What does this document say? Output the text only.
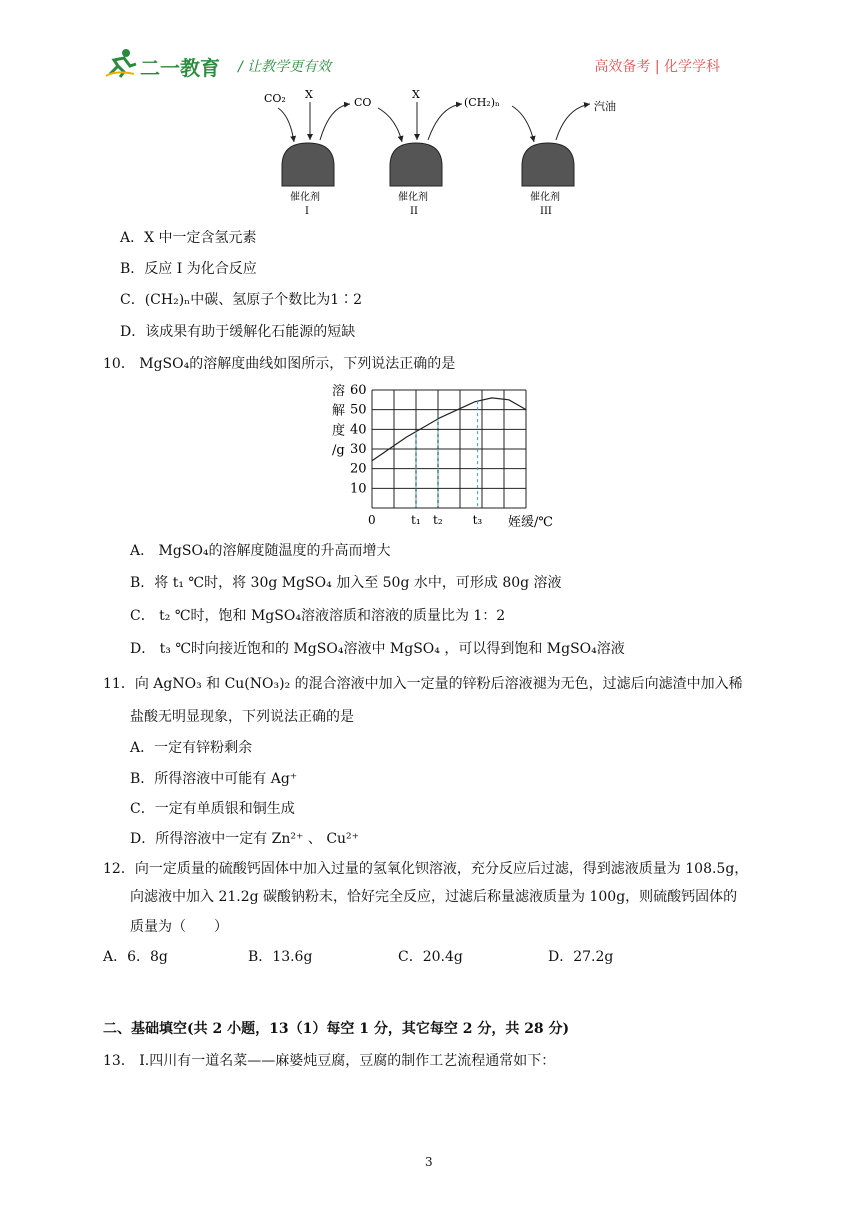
二一教育 / 让教学更有效	高效备考 | 化学学科
CO₂ X
CO
X
(CH₂)ₙ	汽油
催化剂
I
催化剂
II
催化剂
III
A．X 中一定含氢元素
B．反应 I 为化合反应
C．(CH₂)ₙ中碳、氢原子个数比为1∶2
D．该成果有助于缓解化石能源的短缺
10． MgSO₄的溶解度曲线如图所示，下列说法正确的是
10
20
30
40
50
60
溶
解
度
/g
0	t₁ t₂ t₃ 姪缓/℃
A． MgSO₄的溶解度随温度的升高而增大
B．将 t₁ ℃时，将 30g MgSO₄ 加入至 50g 水中，可形成 80g 溶液
C． t₂ ℃时，饱和 MgSO₄溶液溶质和溶液的质量比为 1：2
D． t₃ ℃时向接近饱和的 MgSO₄溶液中 MgSO₄ ，可以得到饱和 MgSO₄溶液
11．向 AgNO₃ 和 Cu(NO₃)₂ 的混合溶液中加入一定量的锌粉后溶液褪为无色，过滤后向滤渣中加入稀
盐酸无明显现象，下列说法正确的是
A．一定有锌粉剩余
B．所得溶液中可能有 Ag⁺
C．一定有单质银和铜生成
D．所得溶液中一定有 Zn²⁺ 、 Cu²⁺
12．向一定质量的硫酸钙固体中加入过量的氢氧化钡溶液，充分反应后过滤，得到滤液质量为 108.5g，
向滤液中加入 21.2g 碳酸钠粉末，恰好完全反应，过滤后称量滤液质量为 100g，则硫酸钙固体的
质量为（　　）
A．6．8g	B．13.6g	C．20.4g	D．27.2g
二、基础填空(共 2 小题，13（1）每空 1 分，其它每空 2 分，共 28 分)
13． Ⅰ.四川有一道名菜——麻婆炖豆腐，豆腐的制作工艺流程通常如下：
3
